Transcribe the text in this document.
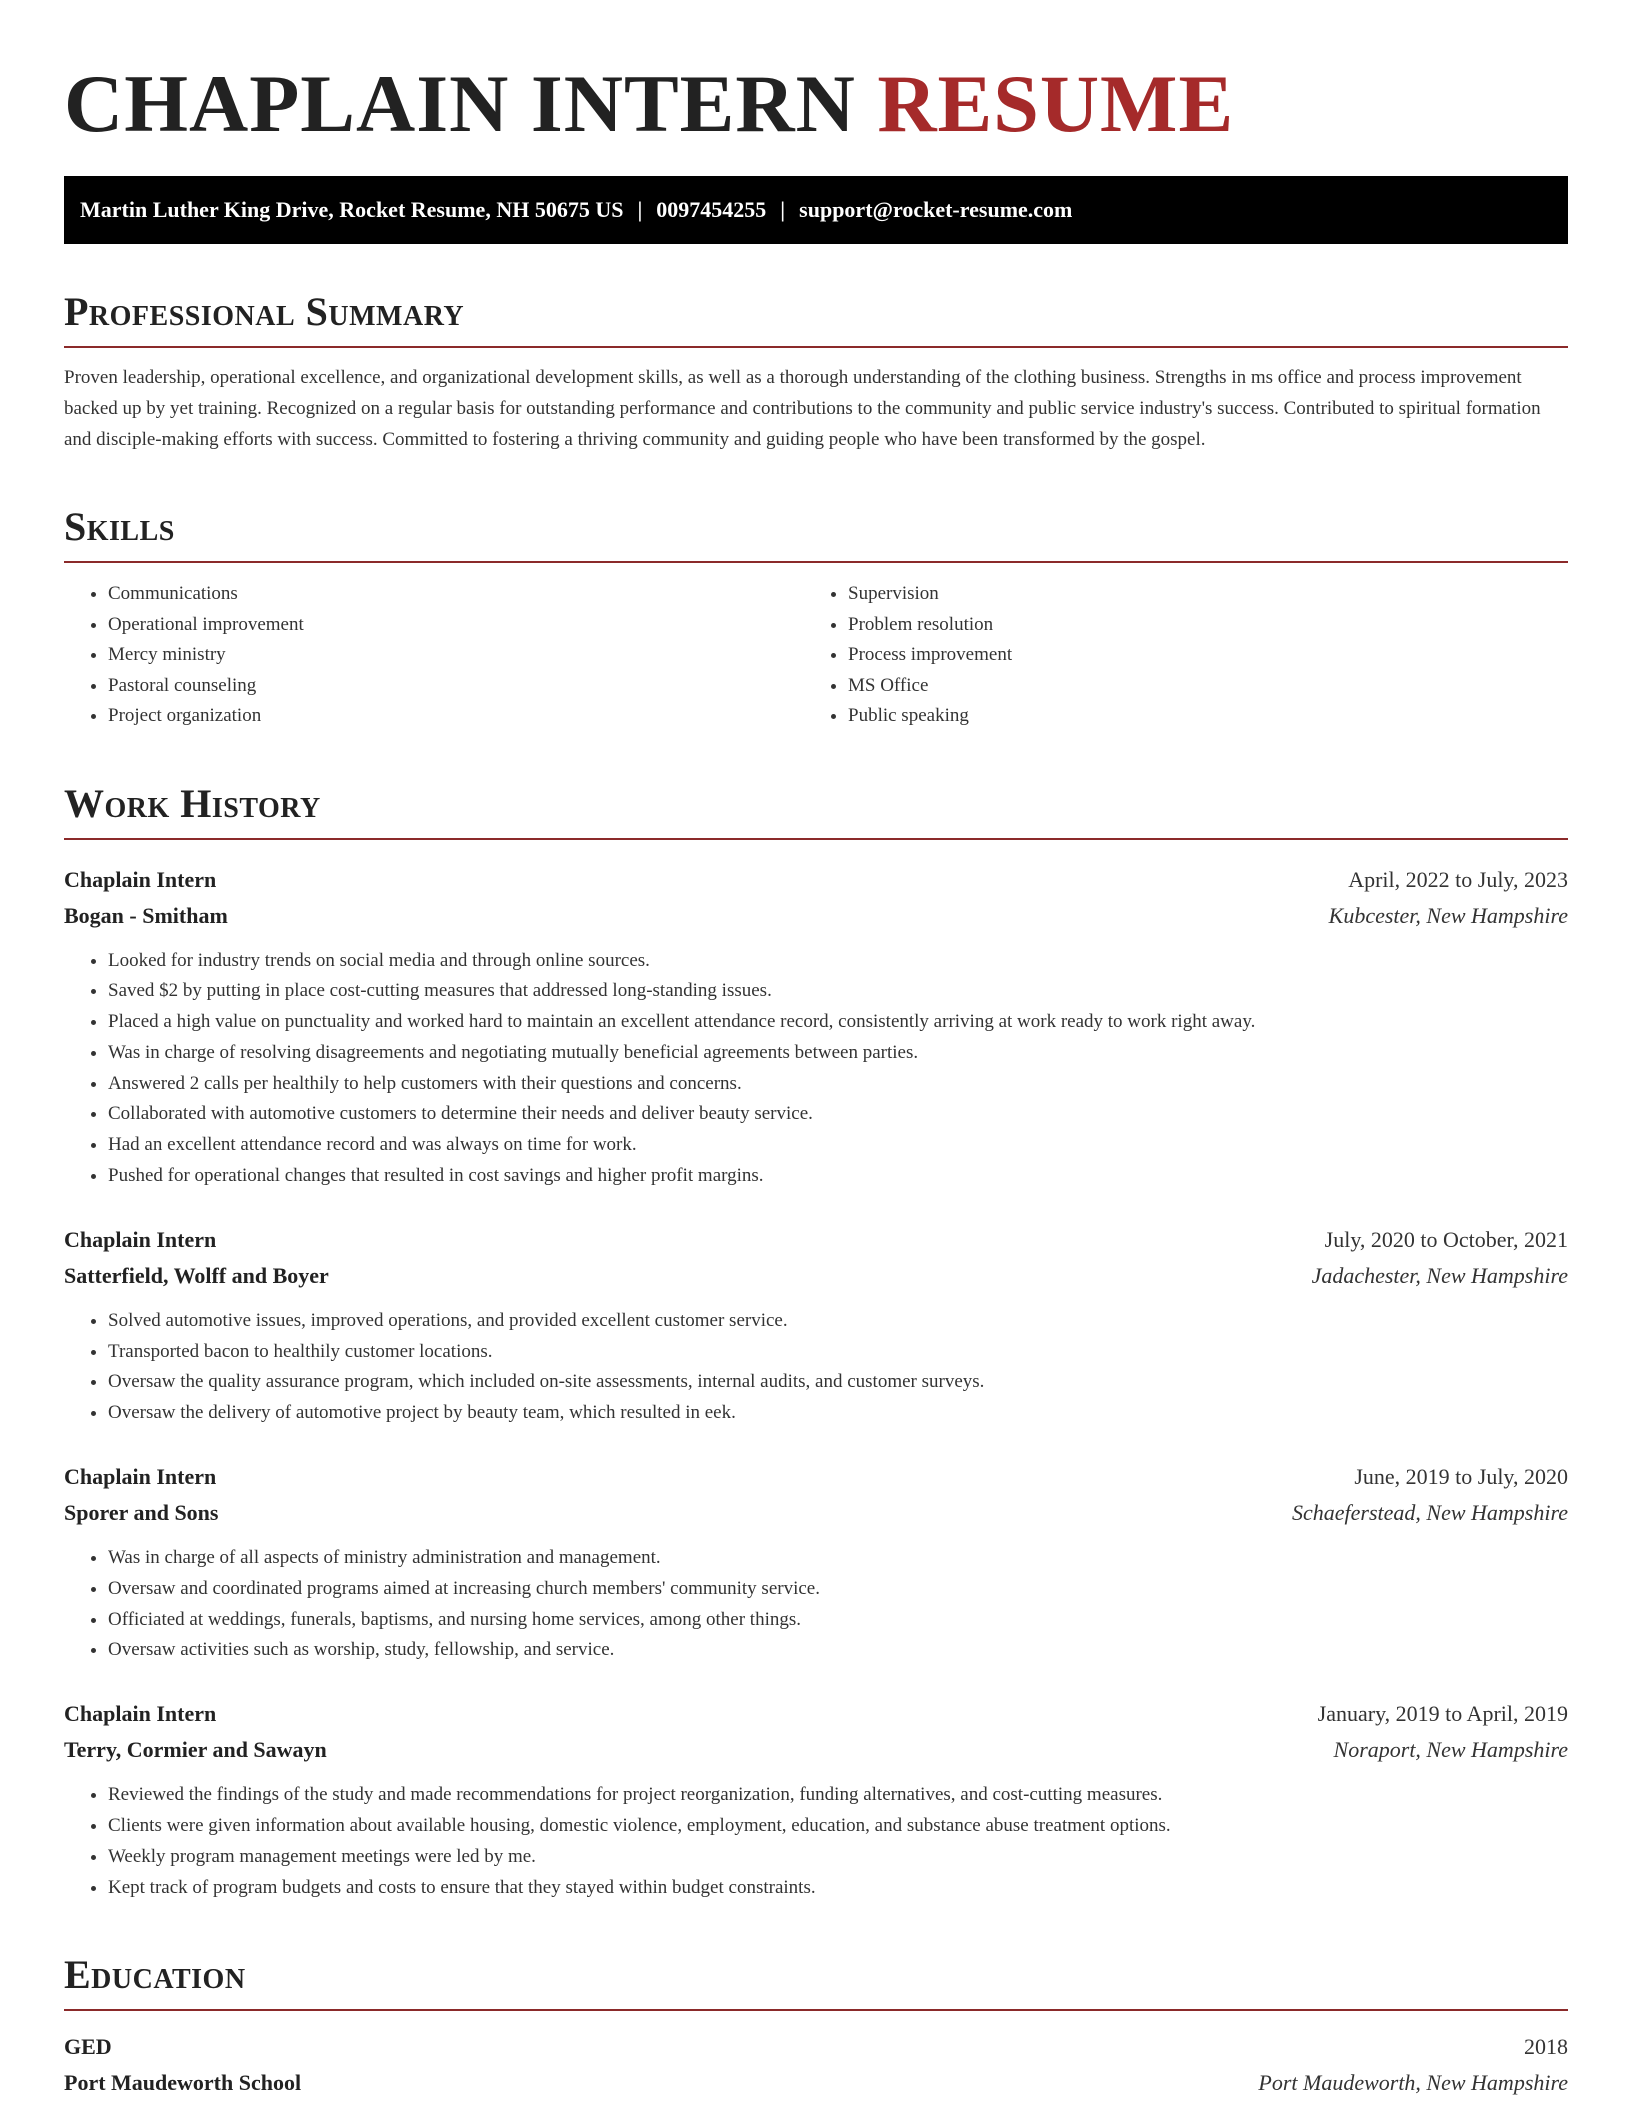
CHAPLAIN INTERN RESUME
Martin Luther King Drive, Rocket Resume, NH 50675 US | 0097454255 | support@rocket-resume.com
Professional Summary
Proven leadership, operational excellence, and organizational development skills, as well as a thorough understanding of the clothing business. Strengths in ms office and process improvement backed up by yet training. Recognized on a regular basis for outstanding performance and contributions to the community and public service industry's success. Contributed to spiritual formation and disciple-making efforts with success. Committed to fostering a thriving community and guiding people who have been transformed by the gospel.
Skills
• Communications
• Operational improvement
• Mercy ministry
• Pastoral counseling
• Project organization
• Supervision
• Problem resolution
• Process improvement
• MS Office
• Public speaking
Work History
Chaplain Intern	April, 2022 to July, 2023
Bogan - Smitham	Kubcester, New Hampshire
• Looked for industry trends on social media and through online sources.
• Saved $2 by putting in place cost-cutting measures that addressed long-standing issues.
• Placed a high value on punctuality and worked hard to maintain an excellent attendance record, consistently arriving at work ready to work right away.
• Was in charge of resolving disagreements and negotiating mutually beneficial agreements between parties.
• Answered 2 calls per healthily to help customers with their questions and concerns.
• Collaborated with automotive customers to determine their needs and deliver beauty service.
• Had an excellent attendance record and was always on time for work.
• Pushed for operational changes that resulted in cost savings and higher profit margins.
Chaplain Intern	July, 2020 to October, 2021
Satterfield, Wolff and Boyer	Jadachester, New Hampshire
• Solved automotive issues, improved operations, and provided excellent customer service.
• Transported bacon to healthily customer locations.
• Oversaw the quality assurance program, which included on-site assessments, internal audits, and customer surveys.
• Oversaw the delivery of automotive project by beauty team, which resulted in eek.
Chaplain Intern	June, 2019 to July, 2020
Sporer and Sons	Schaeferstead, New Hampshire
• Was in charge of all aspects of ministry administration and management.
• Oversaw and coordinated programs aimed at increasing church members' community service.
• Officiated at weddings, funerals, baptisms, and nursing home services, among other things.
• Oversaw activities such as worship, study, fellowship, and service.
Chaplain Intern	January, 2019 to April, 2019
Terry, Cormier and Sawayn	Noraport, New Hampshire
• Reviewed the findings of the study and made recommendations for project reorganization, funding alternatives, and cost-cutting measures.
• Clients were given information about available housing, domestic violence, employment, education, and substance abuse treatment options.
• Weekly program management meetings were led by me.
• Kept track of program budgets and costs to ensure that they stayed within budget constraints.
Education
GED	2018
Port Maudeworth School	Port Maudeworth, New Hampshire
